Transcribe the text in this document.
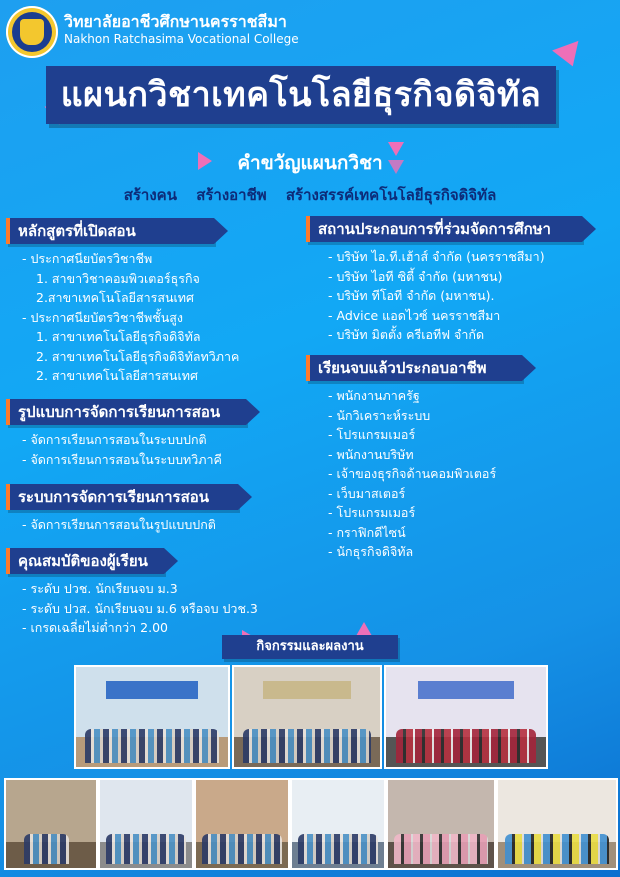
วิทยาลัยอาชีวศึกษานครราชสีมา
Nakhon Ratchasima Vocational College
แผนกวิชาเทคโนโลยีธุรกิจดิจิทัล
คำขวัญแผนกวิชา
สร้างคน สร้างอาชีพ สร้างสรรค์เทคโนโลยีธุรกิจดิจิทัล
หลักสูตรที่เปิดสอน
- ประกาศนียบัตรวิชาชีพ
1. สาขาวิชาคอมพิวเตอร์ธุรกิจ
2.สาขาเทคโนโลยีสารสนเทศ
- ประกาศนียบัตรวิชาชีพชั้นสูง
1. สาขาเทคโนโลยีธุรกิจดิจิทัล
2. สาขาเทคโนโลยีธุรกิจดิจิทัลทวิภาค
2. สาขาเทคโนโลยีสารสนเทศ
รูปแบบการจัดการเรียนการสอน
- จัดการเรียนการสอนในระบบปกติ
- จัดการเรียนการสอนในระบบทวิภาคี
ระบบการจัดการเรียนการสอน
- จัดการเรียนการสอนในรูปแบบปกติ
คุณสมบัติของผู้เรียน
- ระดับ ปวช. นักเรียนจบ ม.3
- ระดับ ปวส. นักเรียนจบ ม.6 หรือจบ ปวช.3
- เกรดเฉลี่ยไม่ต่ำกว่า 2.00
สถานประกอบการที่ร่วมจัดการศึกษา
- บริษัท ไอ.ที.เฮ้าส์ จำกัด (นครราชสีมา)
- บริษัท ไอที ซิตี้ จำกัด (มหาชน)
- บริษัท ทีโอที จำกัด (มหาชน).
- Advice แอดไวซ์ นครราชสีมา
- บริษัท มิตตั้ง ครีเอทีฟ จำกัด
เรียนจบแล้วประกอบอาชีพ
- พนักงานภาครัฐ
- นักวิเคราะห์ระบบ
- โปรแกรมเมอร์
- พนักงานบริษัท
- เจ้าของธุรกิจด้านคอมพิวเตอร์
- เว็บมาสเตอร์
- โปรแกรมเมอร์
- กราฟิกดีไซน์
- นักธุรกิจดิจิทัล
กิจกรรมและผลงาน
